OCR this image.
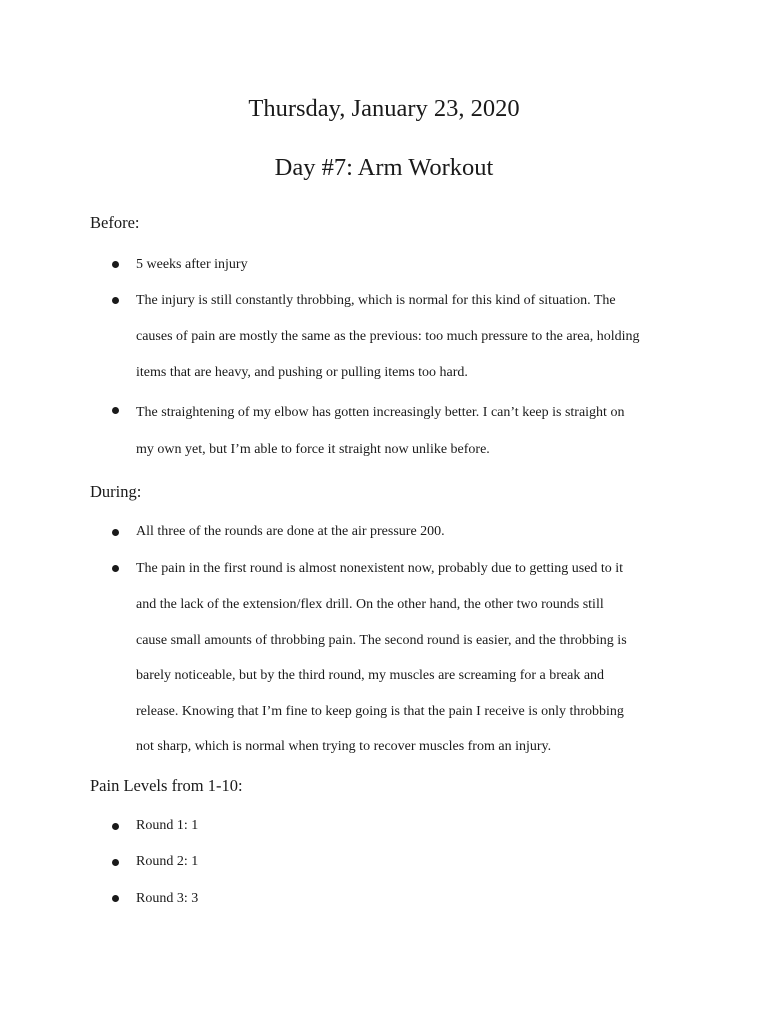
Thursday, January 23, 2020
Day #7: Arm Workout
Before:
5 weeks after injury
The injury is still constantly throbbing, which is normal for this kind of situation. The
causes of pain are mostly the same as the previous: too much pressure to the area, holding
items that are heavy, and pushing or pulling items too hard.
The straightening of my elbow has gotten increasingly better. I can’t keep is straight on
my own yet, but I’m able to force it straight now unlike before.
During:
All three of the rounds are done at the air pressure 200.
The pain in the first round is almost nonexistent now, probably due to getting used to it
and the lack of the extension/flex drill. On the other hand, the other two rounds still
cause small amounts of throbbing pain. The second round is easier, and the throbbing is
barely noticeable, but by the third round, my muscles are screaming for a break and
release. Knowing that I’m fine to keep going is that the pain I receive is only throbbing
not sharp, which is normal when trying to recover muscles from an injury.
Pain Levels from 1-10:
Round 1: 1
Round 2: 1
Round 3: 3
